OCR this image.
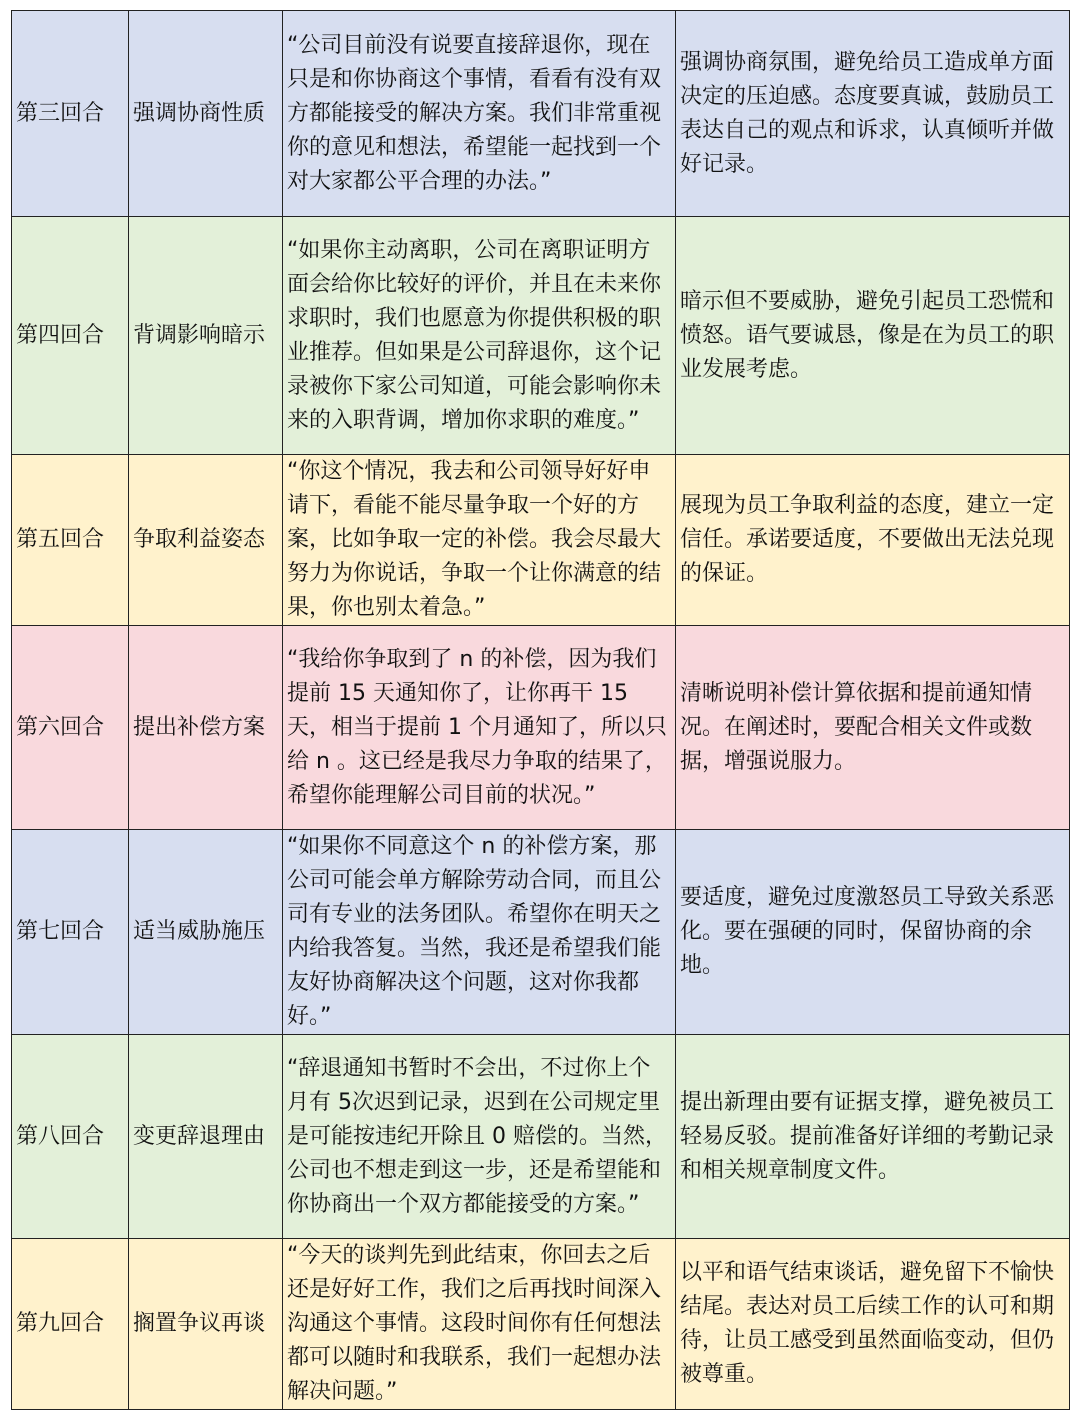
第三回合	强调协商性质	“公司目前没有说要直接辞退你，现在只是和你协商这个事情，看看有没有双方都能接受的解决方案。我们非常重视你的意见和想法，希望能一起找到一个对大家都公平合理的办法。”	强调协商氛围，避免给员工造成单方面决定的压迫感。态度要真诚，鼓励员工表达自己的观点和诉求，认真倾听并做好记录。
第四回合	背调影响暗示	“如果你主动离职，公司在离职证明方面会给你比较好的评价，并且在未来你求职时，我们也愿意为你提供积极的职业推荐。但如果是公司辞退你，这个记录被你下家公司知道，可能会影响你未来的入职背调，增加你求职的难度。”	暗示但不要威胁，避免引起员工恐慌和愤怒。语气要诚恳，像是在为员工的职业发展考虑。
第五回合	争取利益姿态	“你这个情况，我去和公司领导好好申请下，看能不能尽量争取一个好的方案，比如争取一定的补偿。我会尽最大努力为你说话，争取一个让你满意的结果，你也别太着急。”	展现为员工争取利益的态度，建立一定信任。承诺要适度，不要做出无法兑现的保证。
第六回合	提出补偿方案	“我给你争取到了 n 的补偿，因为我们提前 15 天通知你了，让你再干 15 天，相当于提前 1 个月通知了，所以只给 n 。这已经是我尽力争取的结果了，希望你能理解公司目前的状况。”	清晰说明补偿计算依据和提前通知情况。在阐述时，要配合相关文件或数据，增强说服力。
第七回合	适当威胁施压	“如果你不同意这个 n 的补偿方案，那公司可能会单方解除劳动合同，而且公司有专业的法务团队。希望你在明天之内给我答复。当然，我还是希望我们能友好协商解决这个问题，这对你我都好。”	要适度，避免过度激怒员工导致关系恶化。要在强硬的同时，保留协商的余地。
第八回合	变更辞退理由	“辞退通知书暂时不会出，不过你上个月有 5次迟到记录，迟到在公司规定里是可能按违纪开除且 0 赔偿的。当然，公司也不想走到这一步，还是希望能和你协商出一个双方都能接受的方案。”	提出新理由要有证据支撑，避免被员工轻易反驳。提前准备好详细的考勤记录和相关规章制度文件。
第九回合	搁置争议再谈	“今天的谈判先到此结束，你回去之后还是好好工作，我们之后再找时间深入沟通这个事情。这段时间你有任何想法都可以随时和我联系，我们一起想办法解决问题。”	以平和语气结束谈话，避免留下不愉快结尾。表达对员工后续工作的认可和期待，让员工感受到虽然面临变动，但仍被尊重。
